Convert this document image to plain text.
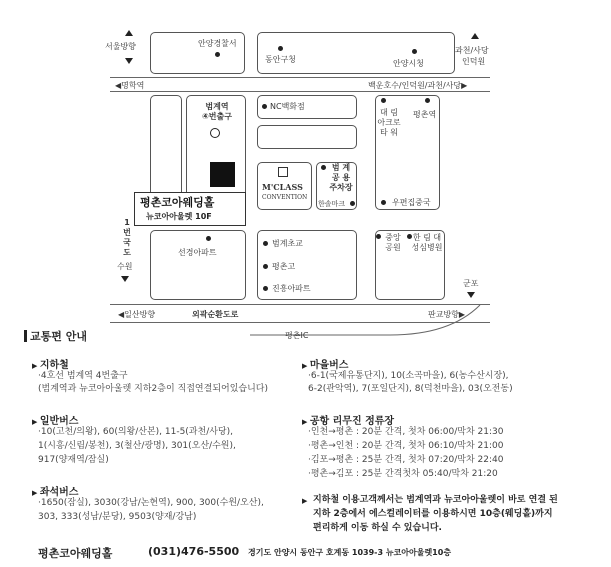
안양경찰서
동안구청	안양시청
서울방향	과천/사당
인덕원
◀명학역	백운호수/인덕원/과천/사당▶
범계역
④번출구
평촌코아웨딩홀
뉴코아아울렛 10F
NC백화점
M'CLASS
CONVENTION
범 계
공 용
주차장
한솔마크
대 림
아크로
타 워
평촌역
우편집중국
1
번
국
도
수원
선경아파트
범계초교
평촌고
진흥아파트
중앙
공원
한 림 대
성심병원
군포
◀일산방향	외곽순환도로	판교방향▶
평촌IC
교통편 안내
▶ 지하철
·4호선 범계역 4번출구
(범계역과 뉴코아아울렛 지하2층이 직접연결되어있습니다)
▶ 일반버스
·10(고천/의왕), 60(의왕/산본), 11-5(과천/사당),
1(시흥/신림/봉천), 3(철산/광명), 301(오산/수원),
917(양재역/잠실)
▶ 좌석버스
·1650(잠실), 3030(강남/논현역), 900, 300(수원/오산),
303, 333(성남/분당), 9503(양재/강남)
▶ 마을버스
·6-1(국제유통단지), 10(소곡마을), 6(농수산시장),
6-2(관악역), 7(포일단지), 8(덕천마을), 03(오전동)
▶ 공항 리무진 정류장
·인천→평촌 : 20분 간격, 첫차 06:00/막차 21:30
·평촌→인천 : 20분 간격, 첫차 06:10/막차 21:00
·김포→평촌 : 25분 간격, 첫차 07:20/막차 22:40
·평촌→김포 : 25분 간격첫차 05:40/막차 21:20
▶ 지하철 이용고객께서는 범계역과 뉴코아아울렛이 바로 연결 된
지하 2층에서 에스컬레이터를 이용하시면 10층(웨딩홀)까지
편리하게 이동 하실 수 있습니다.
평촌코아웨딩홀	(031)476-5500 경기도 안양시 동안구 호계동 1039-3 뉴코아아울렛10층
